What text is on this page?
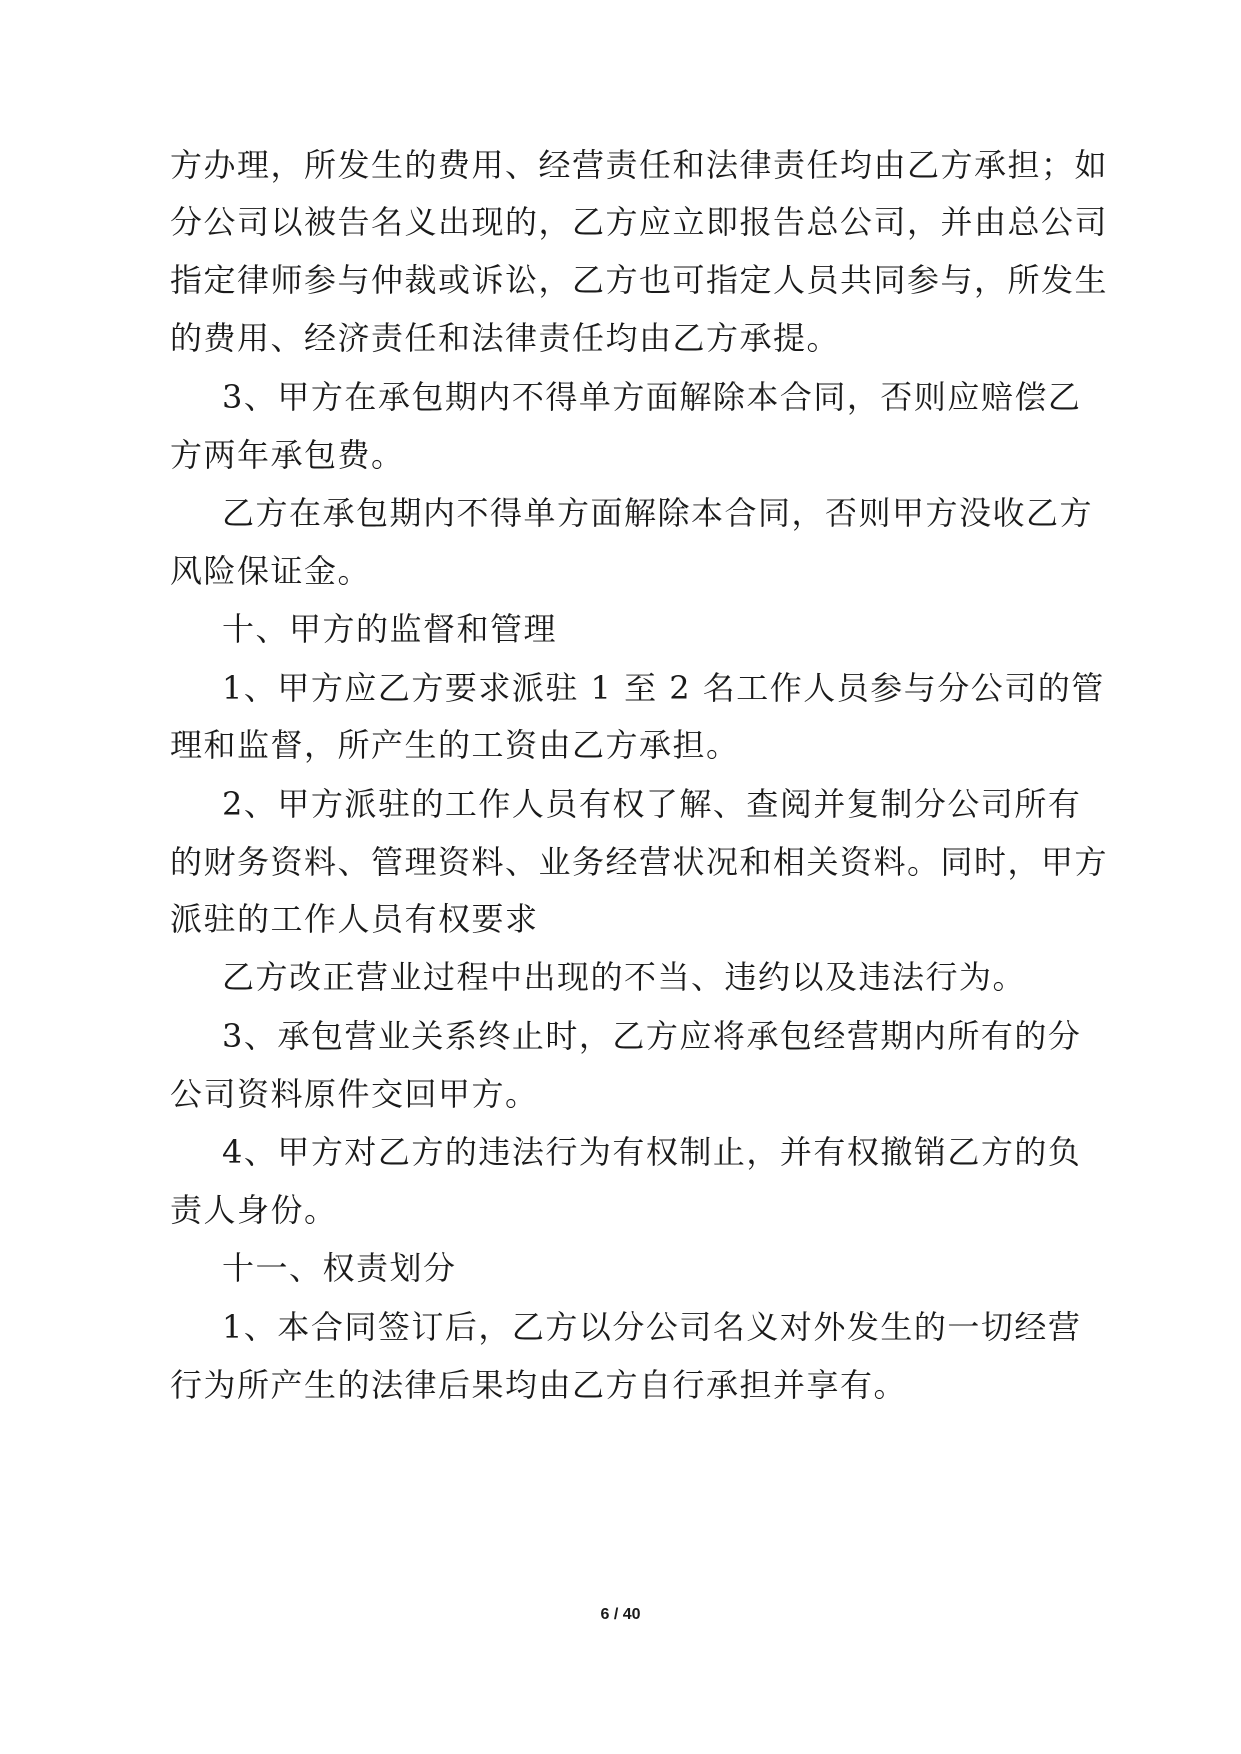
方办理，所发生的费用、经营责任和法律责任均由乙方承担；如
分公司以被告名义出现的，乙方应立即报告总公司，并由总公司
指定律师参与仲裁或诉讼，乙方也可指定人员共同参与，所发生
的费用、经济责任和法律责任均由乙方承提。
3、甲方在承包期内不得单方面解除本合同，否则应赔偿乙
方两年承包费。
乙方在承包期内不得单方面解除本合同，否则甲方没收乙方
风险保证金。
十、甲方的监督和管理
1、甲方应乙方要求派驻 1 至 2 名工作人员参与分公司的管
理和监督，所产生的工资由乙方承担。
2、甲方派驻的工作人员有权了解、查阅并复制分公司所有
的财务资料、管理资料、业务经营状况和相关资料。同时，甲方
派驻的工作人员有权要求
乙方改正营业过程中出现的不当、违约以及违法行为。
3、承包营业关系终止时，乙方应将承包经营期内所有的分
公司资料原件交回甲方。
4、甲方对乙方的违法行为有权制止，并有权撤销乙方的负
责人身份。
十一、权责划分
1、本合同签订后，乙方以分公司名义对外发生的一切经营
行为所产生的法律后果均由乙方自行承担并享有。
6 / 40
